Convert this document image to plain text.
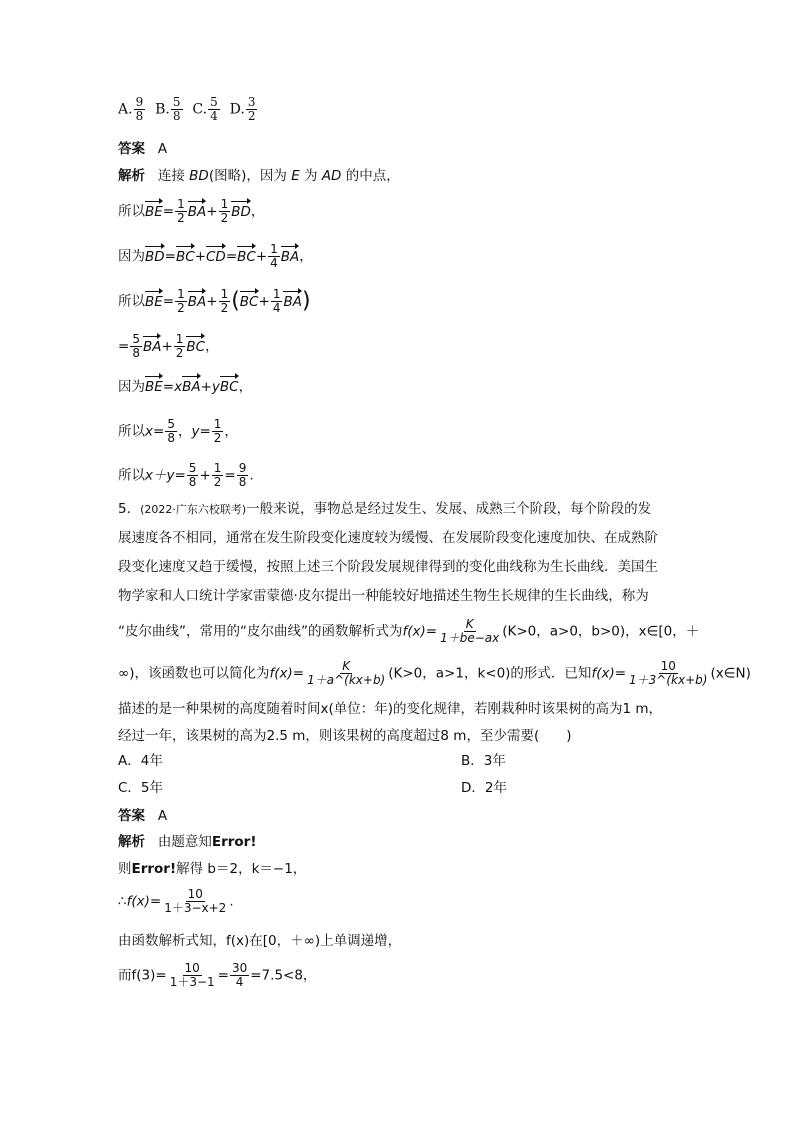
A. $\frac{9}{8} B$. $\frac{5}{8} C$. $\frac{5}{4} D$. $\frac{3}{2}$
答案 A
解析 连接 BD(图略)，因为 E 为 AD 的中点，
所以$BE= \frac{1}{2} BA+ \frac{1}{2}$ BD，
因为$BD=BC+CD=BC+ \frac{1}{4}$ BA，
所以$BE= \frac{1}{2} BA+ \frac{1}{2} (BC+ \frac{1}{4} BA)$
= $\frac{5}{8} BA+ \frac{1}{2}$ BC，
因为BE=xBA+yBC，
所以$x= \frac{5}{8}$ ，$y= \frac{1}{2}$ ，
所以$x+y= \frac{5}{8} + \frac{1}{2} = \frac{9}{8}$ .
5．(2022·广东六校联考)一般来说，事物总是经过发生、发展、成熟三个阶段，每个阶段的发
展速度各不相同，通常在发生阶段变化速度较为缓慢、在发展阶段变化速度加快、在成熟阶
段变化速度又趋于缓慢，按照上述三个阶段发展规律得到的变化曲线称为生长曲线．美国生
物学家和人口统计学家雷蒙德·皮尔提出一种能较好地描述生物生长规律的生长曲线，称为
“皮尔曲线”，常用的“皮尔曲线”的函数解析式为$f(x)= \frac{K}{1+be-ax} (K>0$，a>0，b>0)，x∈[0，＋
∞)，该函数也可以简化为$f(x)= \frac{K}{1+a\^{}(kx+b)} (K>0$，a>1，k<0)的形式．已知$f(x)= \frac{10}{1+3\^{}(kx+b)}$ (x∈N)
描述的是一种果树的高度随着时间x(单位：年)的变化规律，若刚栽种时该果树的高为1 m，
经过一年，该果树的高为2.5 m，则该果树的高度超过8 m，至少需要(　　)
A．4年	B．3年
C．5年	D．2年
答案 A
解析 由题意知Error!
则Error!解得 b＝2，k＝−1，
∴f(x)= $\frac{10}{1+3-x+2}$ .
由函数解析式知，f(x)在[0，＋∞)上单调递增，
而$f(3)= \frac{10}{1+3-1} = \frac{30}{4} =7.5<8$，
